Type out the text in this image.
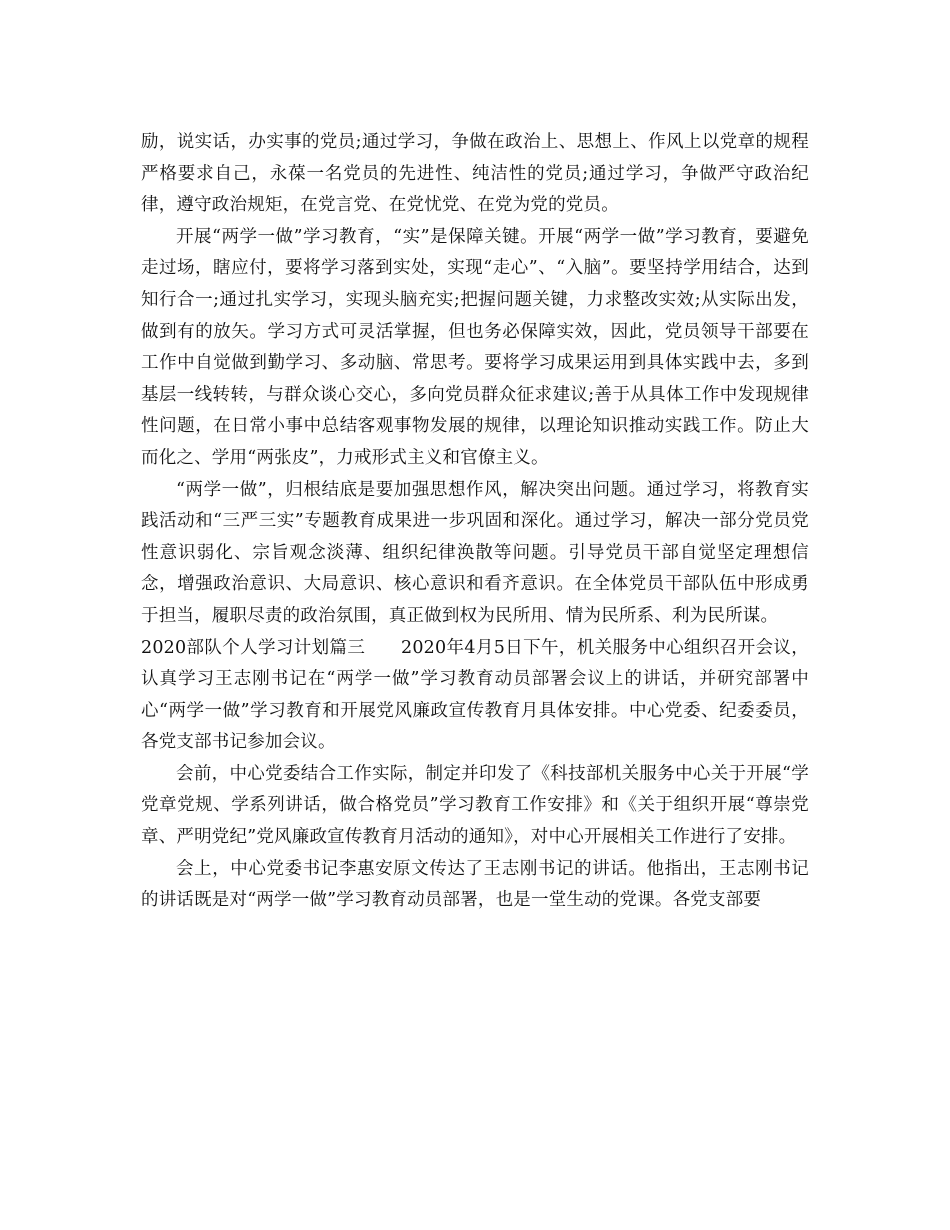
励，说实话，办实事的党员;通过学习，争做在政治上、思想上、作风上以党章的规程严格要求自己，永葆一名党员的先进性、纯洁性的党员;通过学习，争做严守政治纪律，遵守政治规矩，在党言党、在党忧党、在党为党的党员。

开展“两学一做”学习教育，“实”是保障关键。开展“两学一做”学习教育，要避免走过场，瞎应付，要将学习落到实处，实现“走心”、“入脑”。要坚持学用结合，达到知行合一;通过扎实学习，实现头脑充实;把握问题关键，力求整改实效;从实际出发，做到有的放矢。学习方式可灵活掌握，但也务必保障实效，因此，党员领导干部要在工作中自觉做到勤学习、多动脑、常思考。要将学习成果运用到具体实践中去，多到基层一线转转，与群众谈心交心，多向党员群众征求建议;善于从具体工作中发现规律性问题，在日常小事中总结客观事物发展的规律，以理论知识推动实践工作。防止大而化之、学用“两张皮”，力戒形式主义和官僚主义。

“两学一做”，归根结底是要加强思想作风，解决突出问题。通过学习，将教育实践活动和“三严三实”专题教育成果进一步巩固和深化。通过学习，解决一部分党员党性意识弱化、宗旨观念淡薄、组织纪律涣散等问题。引导党员干部自觉坚定理想信念，增强政治意识、大局意识、核心意识和看齐意识。在全体党员干部队伍中形成勇于担当，履职尽责的政治氛围，真正做到权为民所用、情为民所系、利为民所谋。

2020部队个人学习计划篇三　　2020年4月5日下午，机关服务中心组织召开会议，认真学习王志刚书记在“两学一做”学习教育动员部署会议上的讲话，并研究部署中心“两学一做”学习教育和开展党风廉政宣传教育月具体安排。中心党委、纪委委员，各党支部书记参加会议。

会前，中心党委结合工作实际，制定并印发了《科技部机关服务中心关于开展“学党章党规、学系列讲话，做合格党员”学习教育工作安排》和《关于组织开展“尊崇党章、严明党纪”党风廉政宣传教育月活动的通知》，对中心开展相关工作进行了安排。

会上，中心党委书记李惠安原文传达了王志刚书记的讲话。他指出，王志刚书记的讲话既是对“两学一做”学习教育动员部署，也是一堂生动的党课。各党支部要
